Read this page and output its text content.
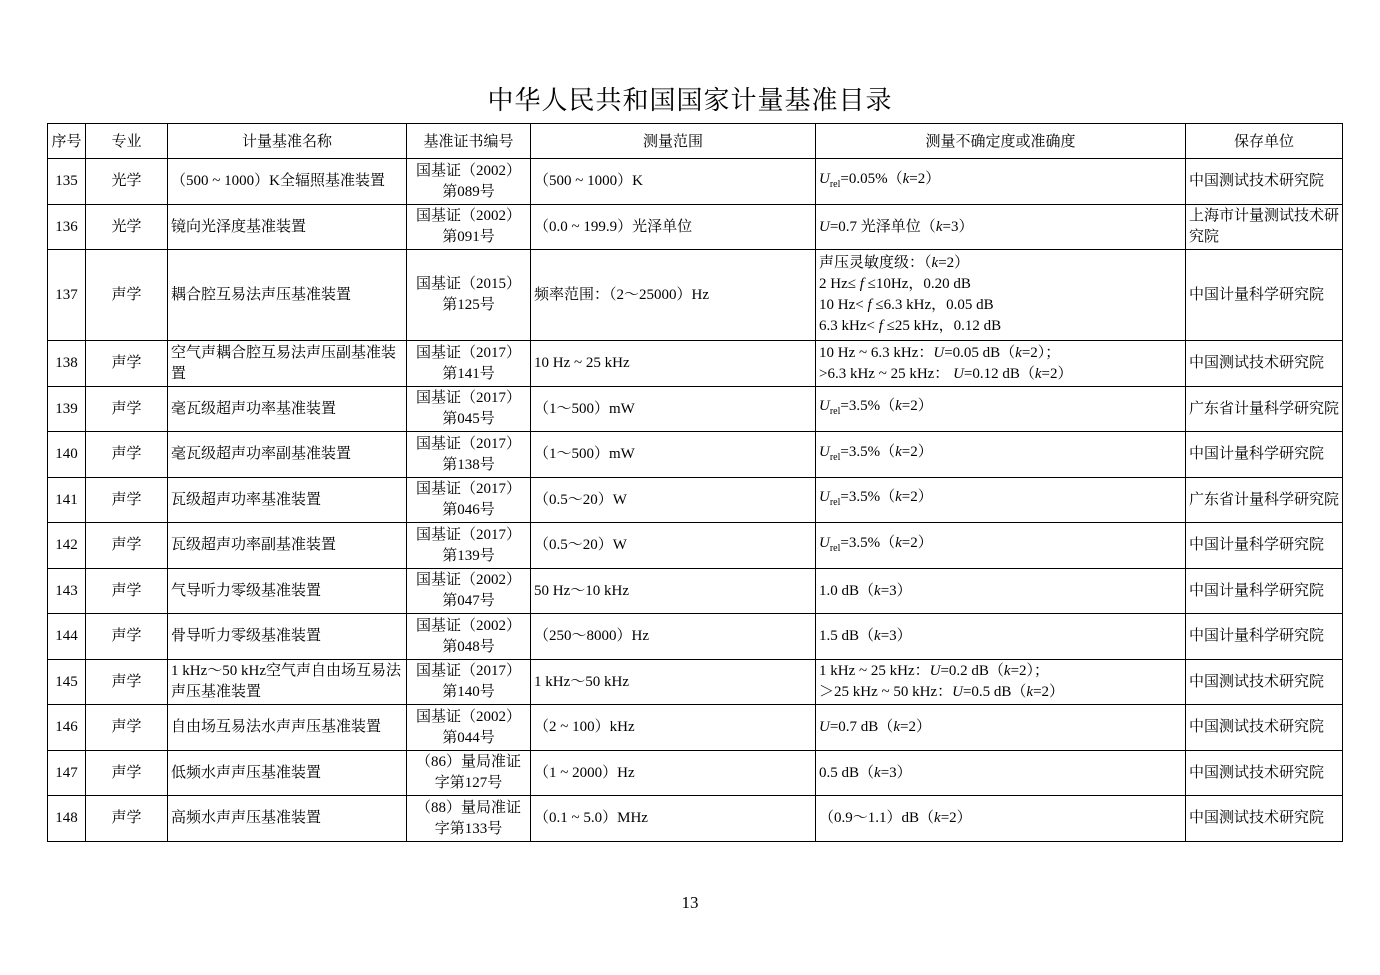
中华人民共和国国家计量基准目录
序号	专业	计量基准名称	基准证书编号	测量范围	测量不确定度或准确度	保存单位
135	光学	（500 ~ 1000）K全辐照基准装置	国基证（2002）
第089号	（500 ~ 1000）K	$U_{rel}=0.05\%(k=2)$	中国测试技术研究院
136	光学	镜向光泽度基准装置	国基证（2002）
第091号	（0.0 ~ 199.9）光泽单位	U=0.7 光泽单位（k=3）	上海市计量测试技术研究院
137	声学	耦合腔互易法声压基准装置	国基证（2015）
第125号	频率范围：（2～25000）Hz	声压灵敏度级：（k=2）
2 Hz≤ f ≤10Hz，0.20 dB
10 Hz< f ≤6.3 kHz，0.05 dB
6.3 kHz< f ≤25 kHz，0.12 dB	中国计量科学研究院
138	声学	空气声耦合腔互易法声压副基准装置	国基证（2017）
第141号	10 Hz ~ 25 kHz	10 Hz ~ 6.3 kHz：U=0.05 dB（k=2）；
>6.3 kHz ~ 25 kHz： U=0.12 dB（k=2）	中国测试技术研究院
139	声学	毫瓦级超声功率基准装置	国基证（2017）
第045号	（1～500）mW	$U_{rel}=3.5\%(k=2)$	广东省计量科学研究院
140	声学	毫瓦级超声功率副基准装置	国基证（2017）
第138号	（1～500）mW	$U_{rel}=3.5\%(k=2)$	中国计量科学研究院
141	声学	瓦级超声功率基准装置	国基证（2017）
第046号	（0.5～20）W	$U_{rel}=3.5\%(k=2)$	广东省计量科学研究院
142	声学	瓦级超声功率副基准装置	国基证（2017）
第139号	（0.5～20）W	$U_{rel}=3.5\%(k=2)$	中国计量科学研究院
143	声学	气导听力零级基准装置	国基证（2002）
第047号	50 Hz～10 kHz	1.0 dB（k=3）	中国计量科学研究院
144	声学	骨导听力零级基准装置	国基证（2002）
第048号	（250～8000）Hz	1.5 dB（k=3）	中国计量科学研究院
145	声学	1 kHz～50 kHz空气声自由场互易法声压基准装置	国基证（2017）
第140号	1 kHz～50 kHz	1 kHz ~ 25 kHz：U=0.2 dB（k=2）；
＞25 kHz ~ 50 kHz：U=0.5 dB（k=2）	中国测试技术研究院
146	声学	自由场互易法水声声压基准装置	国基证（2002）
第044号	（2 ~ 100）kHz	U=0.7 dB（k=2）	中国测试技术研究院
147	声学	低频水声声压基准装置	（86）量局准证
字第127号	（1 ~ 2000）Hz	0.5 dB（k=3）	中国测试技术研究院
148	声学	高频水声声压基准装置	（88）量局准证
字第133号	（0.1 ~ 5.0）MHz	（0.9～1.1）dB（k=2）	中国测试技术研究院
13
